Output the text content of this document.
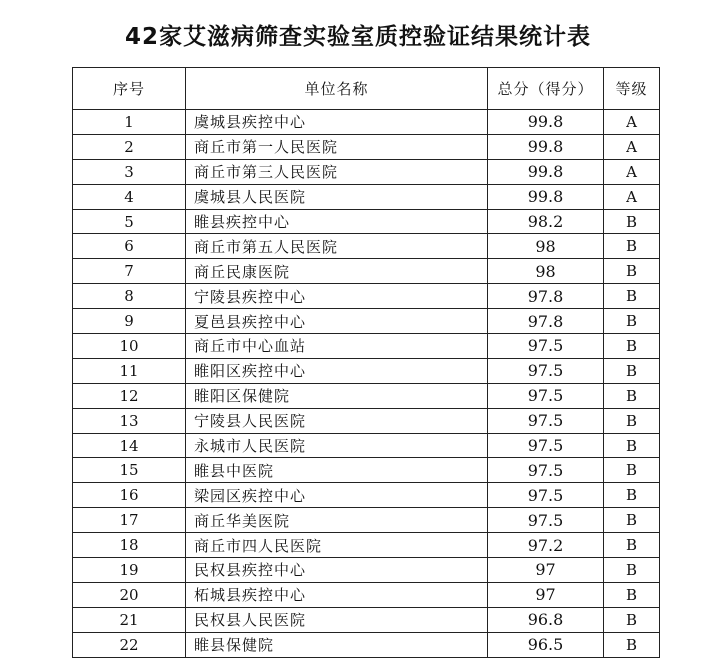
42家艾滋病筛查实验室质控验证结果统计表
序号	单位名称	总分（得分）	等级
1	虞城县疾控中心	99.8	A
2	商丘市第一人民医院	99.8	A
3	商丘市第三人民医院	99.8	A
4	虞城县人民医院	99.8	A
5	睢县疾控中心	98.2	B
6	商丘市第五人民医院	98	B
7	商丘民康医院	98	B
8	宁陵县疾控中心	97.8	B
9	夏邑县疾控中心	97.8	B
10	商丘市中心血站	97.5	B
11	睢阳区疾控中心	97.5	B
12	睢阳区保健院	97.5	B
13	宁陵县人民医院	97.5	B
14	永城市人民医院	97.5	B
15	睢县中医院	97.5	B
16	梁园区疾控中心	97.5	B
17	商丘华美医院	97.5	B
18	商丘市四人民医院	97.2	B
19	民权县疾控中心	97	B
20	柘城县疾控中心	97	B
21	民权县人民医院	96.8	B
22	睢县保健院	96.5	B
